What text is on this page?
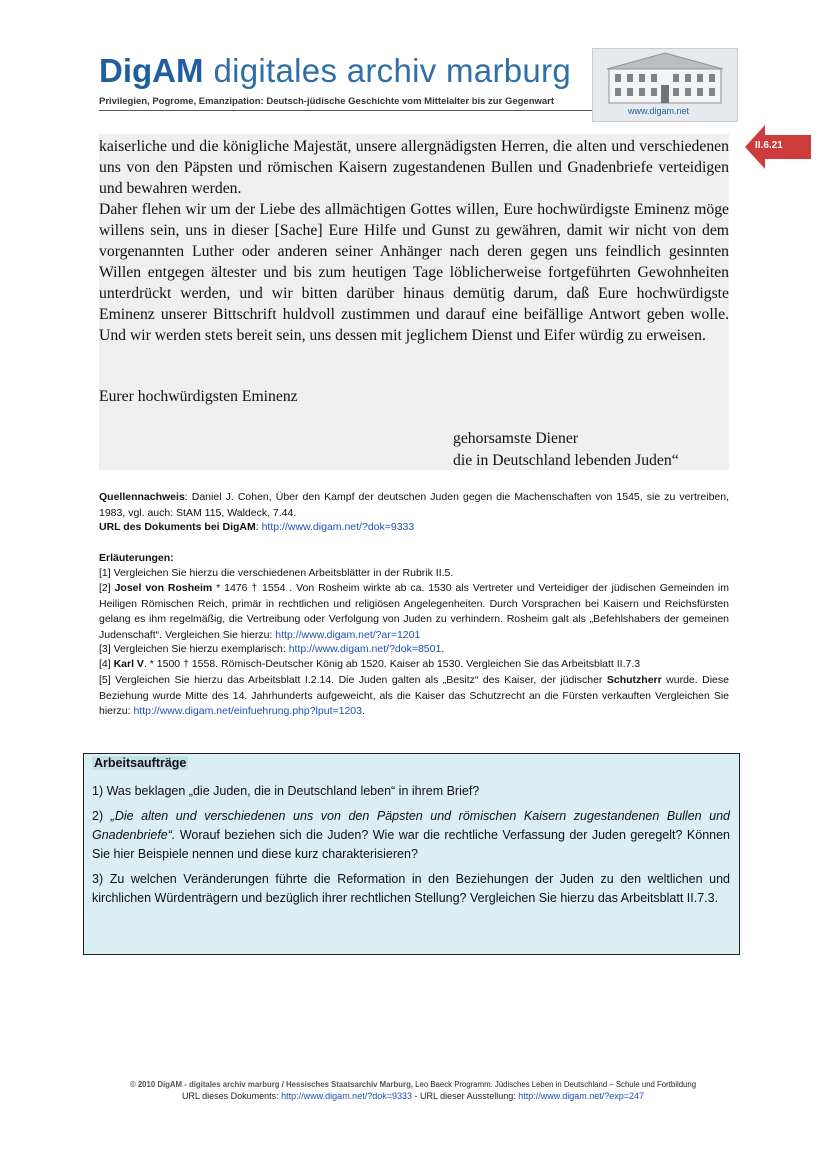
DigAM digitales archiv marburg
Privilegien, Pogrome, Emanzipation: Deutsch-jüdische Geschichte vom Mittelalter bis zur Gegenwart
www.digam.net
II.6.21

kaiserliche und die königliche Majestät, unsere allergnädigsten Herren, die alten und verschiedenen uns von den Päpsten und römischen Kaisern zugestandenen Bullen und Gnadenbriefe verteidigen und bewahren werden.

Daher flehen wir um der Liebe des allmächtigen Gottes willen, Eure hochwürdigste Eminenz möge willens sein, uns in dieser [Sache] Eure Hilfe und Gunst zu gewähren, damit wir nicht von dem vorgenannten Luther oder anderen seiner Anhänger nach deren gegen uns feindlich gesinnten Willen entgegen ältester und bis zum heutigen Tage löblicherweise fortgeführten Gewohnheiten unterdrückt werden, und wir bitten darüber hinaus demütig darum, daß Eure hochwürdigste Eminenz unserer Bittschrift huldvoll zustimmen und darauf eine beifällige Antwort geben wolle. Und wir werden stets bereit sein, uns dessen mit jeglichem Dienst und Eifer würdig zu erweisen.

Eurer hochwürdigsten Eminenz
gehorsamste Diener
die in Deutschland lebenden Juden“
Quellennachweis: Daniel J. Cohen, Über den Kampf der deutschen Juden gegen die Machenschaften von 1545, sie zu vertreiben, 1983, vgl. auch: StAM 115, Waldeck, 7.44.
URL des Dokuments bei DigAM: http://www.digam.net/?dok=9333
Erläuterungen:
[1] Vergleichen Sie hierzu die verschiedenen Arbeitsblätter in der Rubrik II.5.
[2] Josel von Rosheim * 1476 † 1554 . Von Rosheim wirkte ab ca. 1530 als Vertreter und Verteidiger der jüdischen Gemeinden im Heiligen Römischen Reich, primär in rechtlichen und religiösen Angelegenheiten. Durch Vorsprachen bei Kaisern und Reichsfürsten gelang es ihm regelmäßig, die Vertreibung oder Verfolgung von Juden zu verhindern. Rosheim galt als „Befehlshabers der gemeinen Judenschaft“. Vergleichen Sie hierzu: http://www.digam.net/?ar=1201
[3] Vergleichen Sie hierzu exemplarisch: http://www.digam.net/?dok=8501.
[4] Karl V. * 1500 † 1558. Römisch-Deutscher König ab 1520. Kaiser ab 1530. Vergleichen Sie das Arbeitsblatt II.7.3
[5] Vergleichen Sie hierzu das Arbeitsblatt I.2.14. Die Juden galten als „Besitz“ des Kaiser, der jüdischer Schutzherr wurde. Diese Beziehung wurde Mitte des 14. Jahrhunderts aufgeweicht, als die Kaiser das Schutzrecht an die Fürsten verkauften Vergleichen Sie hierzu: http://www.digam.net/einfuehrung.php?lput=1203.
Arbeitsaufträge

1) Was beklagen „die Juden, die in Deutschland leben“ in ihrem Brief?

2) „Die alten und verschiedenen uns von den Päpsten und römischen Kaisern zugestandenen Bullen und Gnadenbriefe“. Worauf beziehen sich die Juden? Wie war die rechtliche Verfassung der Juden geregelt? Können Sie hier Beispiele nennen und diese kurz charakterisieren?

3) Zu welchen Veränderungen führte die Reformation in den Beziehungen der Juden zu den weltlichen und kirchlichen Würdenträgern und bezüglich ihrer rechtlichen Stellung? Vergleichen Sie hierzu das Arbeitsblatt II.7.3.

© 2010 DigAM - digitales archiv marburg / Hessisches Staatsarchiv Marburg, Leo Baeck Programm. Jüdisches Leben in Deutschland – Schule und Fortbildung
URL dieses Dokuments: http://www.digam.net/?dok=9333 - URL dieser Ausstellung: http://www.digam.net/?exp=247
